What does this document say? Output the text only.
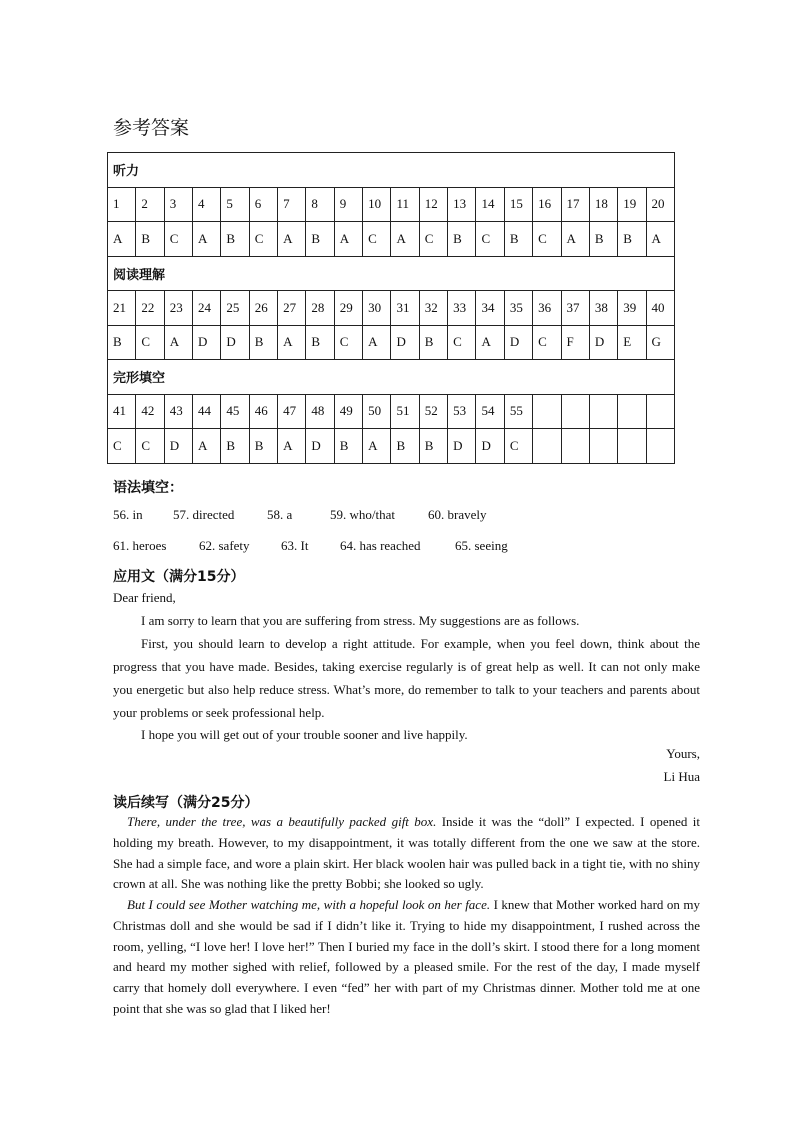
参考答案
听力																			
1	2	3	4	5	6	7	8	9	10	11	12	13	14	15	16	17	18	19	20
A	B	C	A	B	C	A	B	A	C	A	C	B	C	B	C	A	B	B	A
阅读理解																			
21	22	23	24	25	26	27	28	29	30	31	32	33	34	35	36	37	38	39	40
B	C	A	D	D	B	A	B	C	A	D	B	C	A	D	C	F	D	E	G
完形填空																			
41	42	43	44	45	46	47	48	49	50	51	52	53	54	55					
C	C	D	A	B	B	A	D	B	A	B	B	D	D	C					
语法填空：
56. in 57. directed	58. a	59. who/that	60. bravely
61. heroes	62. safety 63. It 64. has reached	65. seeing
应用文（满分15分）
Dear friend,
I am sorry to learn that you are suffering from stress. My suggestions are as follows.
First, you should learn to develop a right attitude. For example, when you feel down, think about the progress that you have made. Besides, taking exercise regularly is of great help as well. It can not only make you energetic but also help reduce stress. What’s more, do remember to talk to your teachers and parents about your problems or seek professional help.
I hope you will get out of your trouble sooner and live happily.
Yours,
Li Hua
读后续写（满分25分）
There, under the tree, was a beautifully packed gift box. Inside it was the “doll” I expected. I opened it holding my breath. However, to my disappointment, it was totally different from the one we saw at the store. She had a simple face, and wore a plain skirt. Her black woolen hair was pulled back in a tight tie, with no shiny crown at all. She was nothing like the pretty Bobbi; she looked so ugly.
But I could see Mother watching me, with a hopeful look on her face. I knew that Mother worked hard on my Christmas doll and she would be sad if I didn’t like it. Trying to hide my disappointment, I rushed across the room, yelling, “I love her! I love her!” Then I buried my face in the doll’s skirt. I stood there for a long moment and heard my mother sighed with relief, followed by a pleased smile. For the rest of the day, I made myself carry that homely doll everywhere. I even “fed” her with part of my Christmas dinner. Mother told me at one point that she was so glad that I liked her!
